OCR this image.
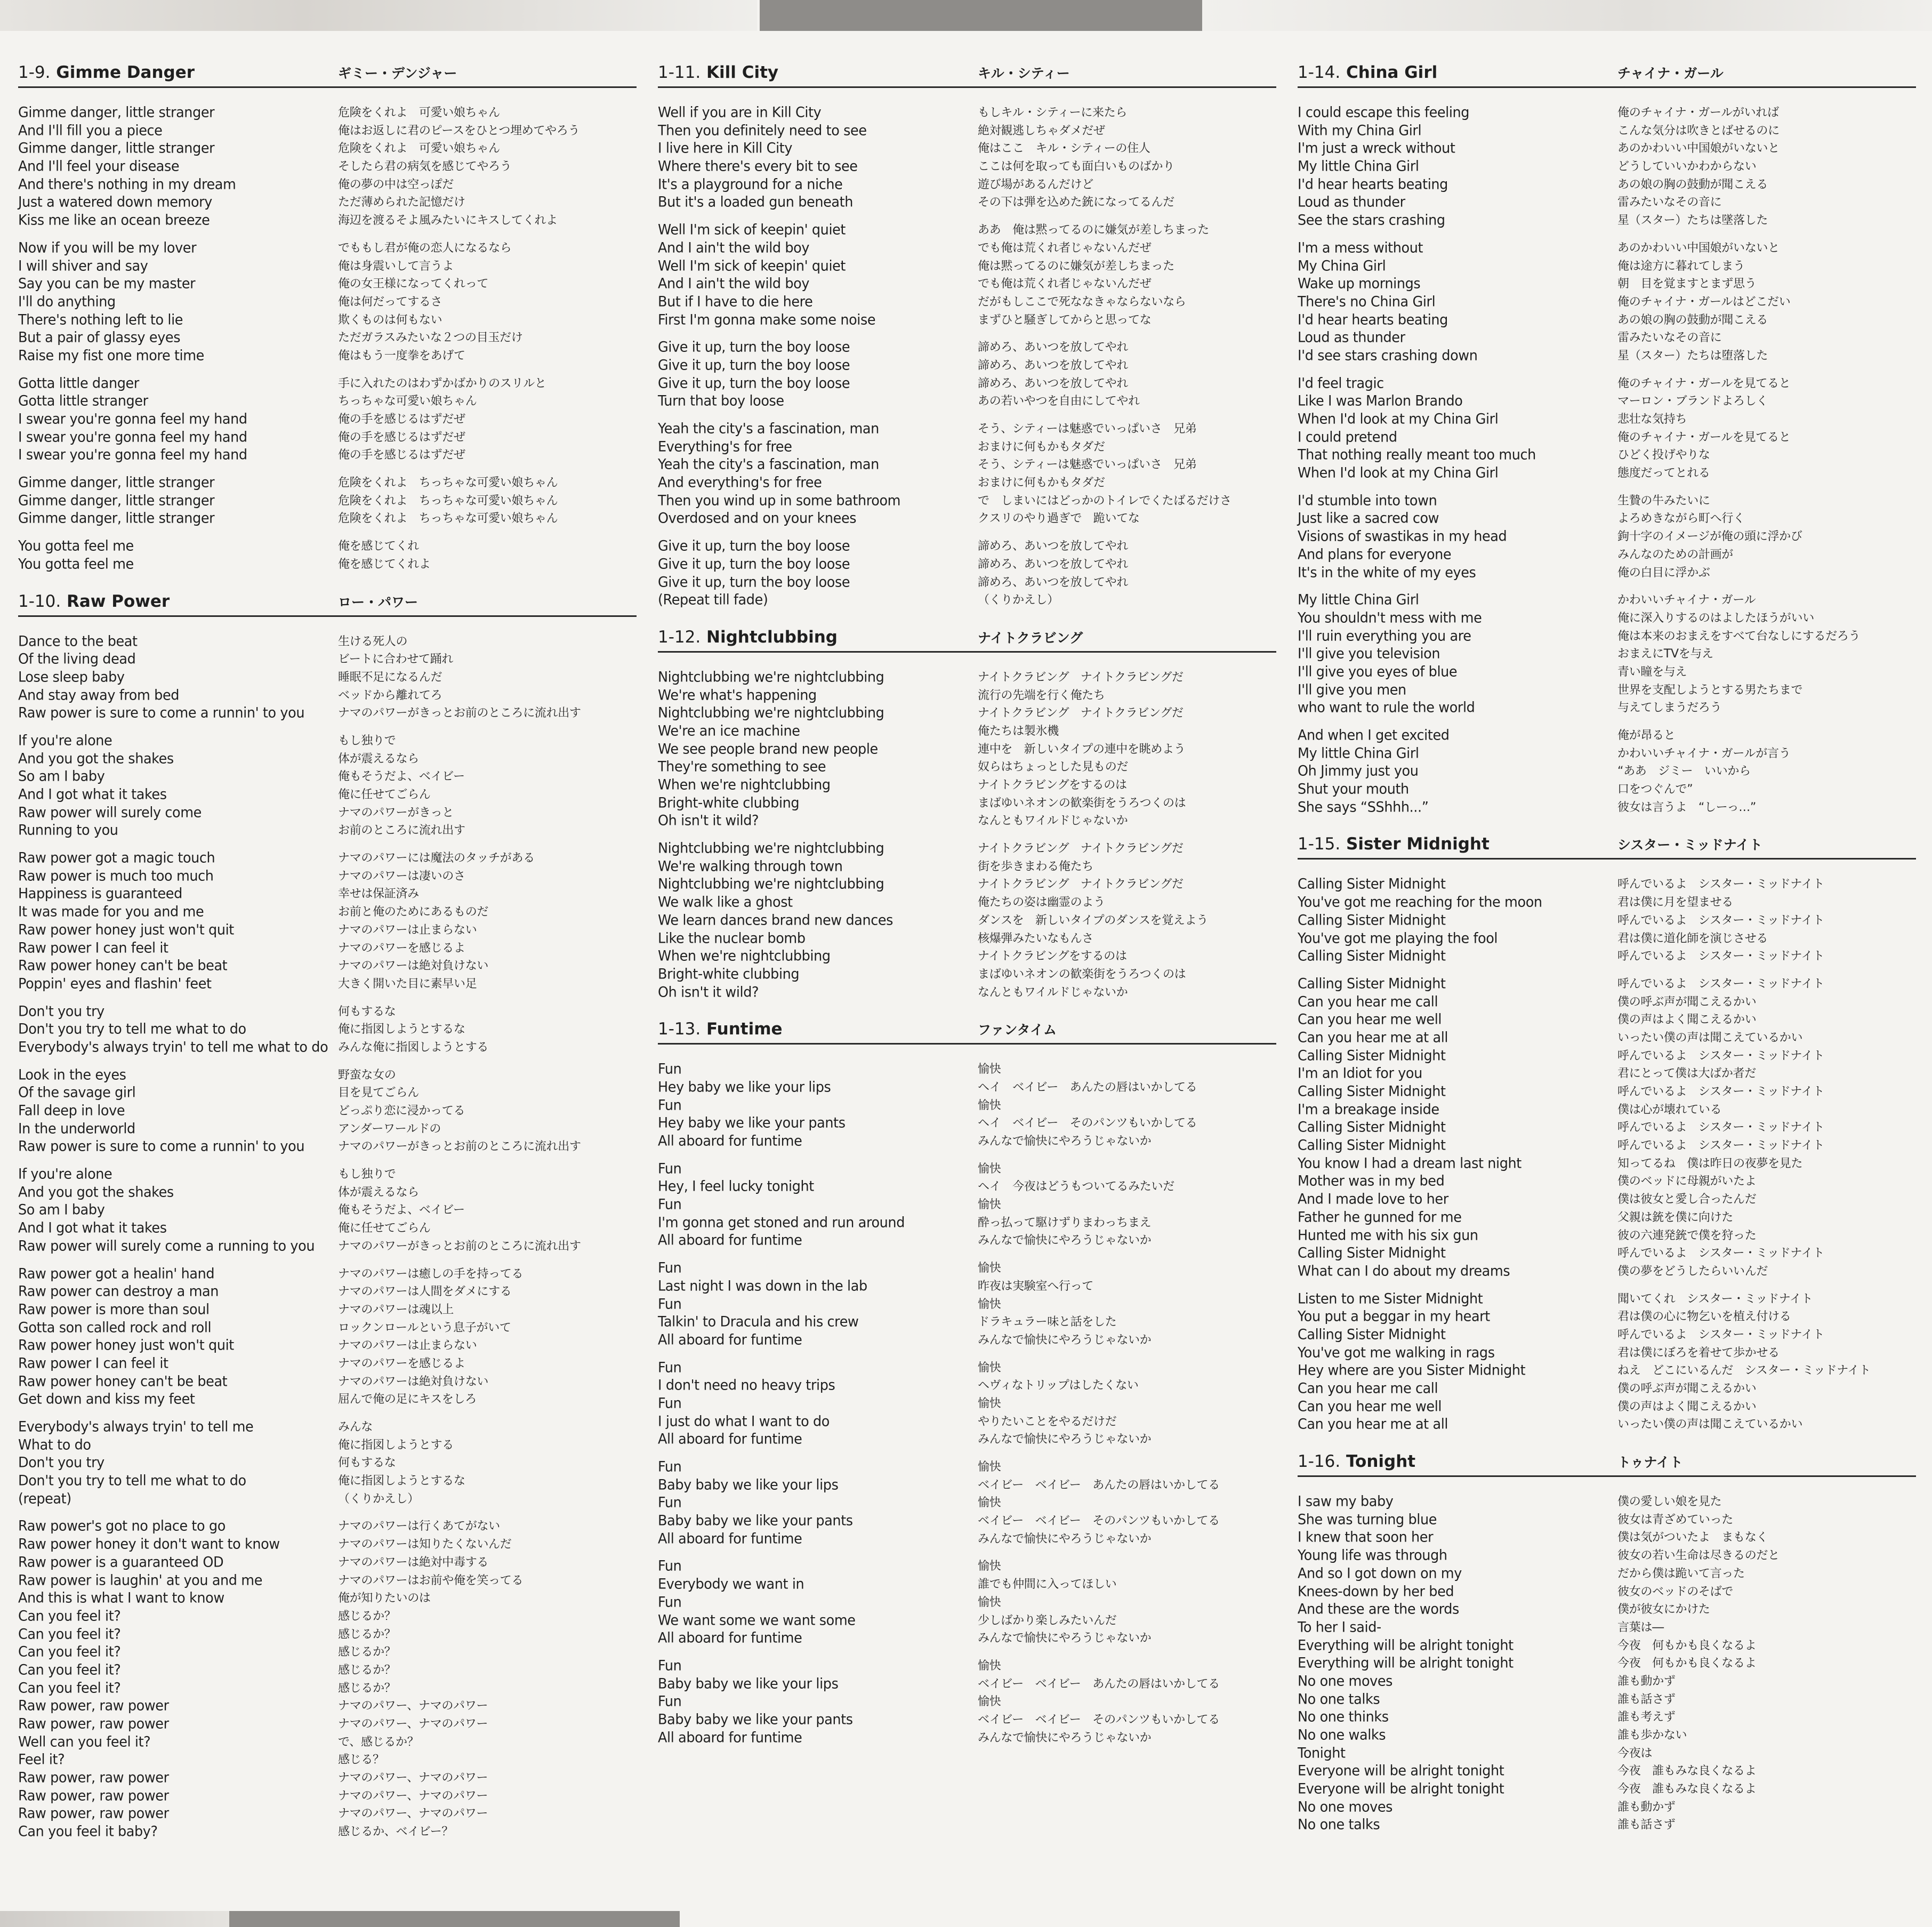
1-9. Gimme Danger	ギミー・デンジャー
Gimme danger, little stranger	危険をくれよ　可愛い娘ちゃん
And I'll fill you a piece	俺はお返しに君のピースをひとつ埋めてやろう
Gimme danger, little stranger	危険をくれよ　可愛い娘ちゃん
And I'll feel your disease	そしたら君の病気を感じてやろう
And there's nothing in my dream	俺の夢の中は空っぽだ
Just a watered down memory	ただ薄められた記憶だけ
Kiss me like an ocean breeze	海辺を渡るそよ風みたいにキスしてくれよ
Now if you will be my lover	でももし君が俺の恋人になるなら
I will shiver and say	俺は身震いして言うよ
Say you can be my master	俺の女王様になってくれって
I'll do anything	俺は何だってするさ
There's nothing left to lie	欺くものは何もない
But a pair of glassy eyes	ただガラスみたいな２つの目玉だけ
Raise my fist one more time	俺はもう一度拳をあげて
Gotta little danger	手に入れたのはわずかばかりのスリルと
Gotta little stranger	ちっちゃな可愛い娘ちゃん
I swear you're gonna feel my hand	俺の手を感じるはずだぜ
I swear you're gonna feel my hand	俺の手を感じるはずだぜ
I swear you're gonna feel my hand	俺の手を感じるはずだぜ
Gimme danger, little stranger	危険をくれよ　ちっちゃな可愛い娘ちゃん
Gimme danger, little stranger	危険をくれよ　ちっちゃな可愛い娘ちゃん
Gimme danger, little stranger	危険をくれよ　ちっちゃな可愛い娘ちゃん
You gotta feel me	俺を感じてくれ
You gotta feel me	俺を感じてくれよ
1-10. Raw Power	ロー・パワー
Dance to the beat	生ける死人の
Of the living dead	ビートに合わせて踊れ
Lose sleep baby	睡眠不足になるんだ
And stay away from bed	ベッドから離れてろ
Raw power is sure to come a runnin' to you	ナマのパワーがきっとお前のところに流れ出す
If you're alone	もし独りで
And you got the shakes	体が震えるなら
So am I baby	俺もそうだよ、ベイビー
And I got what it takes	俺に任せてごらん
Raw power will surely come	ナマのパワーがきっと
Running to you	お前のところに流れ出す
Raw power got a magic touch	ナマのパワーには魔法のタッチがある
Raw power is much too much	ナマのパワーは凄いのさ
Happiness is guaranteed	幸せは保証済み
It was made for you and me	お前と俺のためにあるものだ
Raw power honey just won't quit	ナマのパワーは止まらない
Raw power I can feel it	ナマのパワーを感じるよ
Raw power honey can't be beat	ナマのパワーは絶対負けない
Poppin' eyes and flashin' feet	大きく開いた目に素早い足
Don't you try	何もするな
Don't you try to tell me what to do	俺に指図しようとするな
Everybody's always tryin' to tell me what to do みんな俺に指図しようとする
Look in the eyes	野蛮な女の
Of the savage girl	目を見てごらん
Fall deep in love	どっぷり恋に浸かってる
In the underworld	アンダーワールドの
Raw power is sure to come a runnin' to you	ナマのパワーがきっとお前のところに流れ出す
If you're alone	もし独りで
And you got the shakes	体が震えるなら
So am I baby	俺もそうだよ、ベイビー
And I got what it takes	俺に任せてごらん
Raw power will surely come a running to you	ナマのパワーがきっとお前のところに流れ出す
Raw power got a healin' hand	ナマのパワーは癒しの手を持ってる
Raw power can destroy a man	ナマのパワーは人間をダメにする
Raw power is more than soul	ナマのパワーは魂以上
Gotta son called rock and roll	ロックンロールという息子がいて
Raw power honey just won't quit	ナマのパワーは止まらない
Raw power I can feel it	ナマのパワーを感じるよ
Raw power honey can't be beat	ナマのパワーは絶対負けない
Get down and kiss my feet	屈んで俺の足にキスをしろ
Everybody's always tryin' to tell me	みんな
What to do	俺に指図しようとする
Don't you try	何もするな
Don't you try to tell me what to do	俺に指図しようとするな
(repeat)	（くりかえし）
Raw power's got no place to go	ナマのパワーは行くあてがない
Raw power honey it don't want to know	ナマのパワーは知りたくないんだ
Raw power is a guaranteed OD	ナマのパワーは絶対中毒する
Raw power is laughin' at you and me	ナマのパワーはお前や俺を笑ってる
And this is what I want to know	俺が知りたいのは
Can you feel it?	感じるか？
Can you feel it?	感じるか？
Can you feel it?	感じるか？
Can you feel it?	感じるか？
Can you feel it?	感じるか？
Raw power, raw power	ナマのパワー、ナマのパワー
Raw power, raw power	ナマのパワー、ナマのパワー
Well can you feel it?	で、感じるか？
Feel it?	感じる？
Raw power, raw power	ナマのパワー、ナマのパワー
Raw power, raw power	ナマのパワー、ナマのパワー
Raw power, raw power	ナマのパワー、ナマのパワー
Can you feel it baby?	感じるか、ベイビー？
1-11. Kill City	キル・シティー
Well if you are in Kill City	もしキル・シティーに来たら
Then you definitely need to see	絶対観逃しちゃダメだぜ
I live here in Kill City	俺はここ　キル・シティーの住人
Where there's every bit to see	ここは何を取っても面白いものばかり
It's a playground for a niche	遊び場があるんだけど
But it's a loaded gun beneath	その下は弾を込めた銃になってるんだ
Well I'm sick of keepin' quiet	ああ　俺は黙ってるのに嫌気が差しちまった
And I ain't the wild boy	でも俺は荒くれ者じゃないんだぜ
Well I'm sick of keepin' quiet	俺は黙ってるのに嫌気が差しちまった
And I ain't the wild boy	でも俺は荒くれ者じゃないんだぜ
But if I have to die here	だがもしここで死ななきゃならないなら
First I'm gonna make some noise	まずひと騒ぎしてからと思ってな
Give it up, turn the boy loose	諦めろ、あいつを放してやれ
Give it up, turn the boy loose	諦めろ、あいつを放してやれ
Give it up, turn the boy loose	諦めろ、あいつを放してやれ
Turn that boy loose	あの若いやつを自由にしてやれ
Yeah the city's a fascination, man	そう、シティーは魅惑でいっぱいさ　兄弟
Everything's for free	おまけに何もかもタダだ
Yeah the city's a fascination, man	そう、シティーは魅惑でいっぱいさ　兄弟
And everything's for free	おまけに何もかもタダだ
Then you wind up in some bathroom	で　しまいにはどっかのトイレでくたばるだけさ
Overdosed and on your knees	クスリのやり過ぎで　跪いてな
Give it up, turn the boy loose	諦めろ、あいつを放してやれ
Give it up, turn the boy loose	諦めろ、あいつを放してやれ
Give it up, turn the boy loose	諦めろ、あいつを放してやれ
(Repeat till fade)	（くりかえし）
1-12. Nightclubbing	ナイトクラビング
Nightclubbing we're nightclubbing	ナイトクラビング　ナイトクラビングだ
We're what's happening	流行の先端を行く俺たち
Nightclubbing we're nightclubbing	ナイトクラビング　ナイトクラビングだ
We're an ice machine	俺たちは製氷機
We see people brand new people	連中を　新しいタイプの連中を眺めよう
They're something to see	奴らはちょっとした見ものだ
When we're nightclubbing	ナイトクラビングをするのは
Bright-white clubbing	まばゆいネオンの歓楽街をうろつくのは
Oh isn't it wild?	なんともワイルドじゃないか
Nightclubbing we're nightclubbing	ナイトクラビング　ナイトクラビングだ
We're walking through town	街を歩きまわる俺たち
Nightclubbing we're nightclubbing	ナイトクラビング　ナイトクラビングだ
We walk like a ghost	俺たちの姿は幽霊のよう
We learn dances brand new dances	ダンスを　新しいタイプのダンスを覚えよう
Like the nuclear bomb	核爆弾みたいなもんさ
When we're nightclubbing	ナイトクラビングをするのは
Bright-white clubbing	まばゆいネオンの歓楽街をうろつくのは
Oh isn't it wild?	なんともワイルドじゃないか
1-13. Funtime	ファンタイム
Fun	愉快
Hey baby we like your lips	ヘイ　ベイビー　あんたの唇はいかしてる
Fun	愉快
Hey baby we like your pants	ヘイ　ベイビー　そのパンツもいかしてる
All aboard for funtime	みんなで愉快にやろうじゃないか
Fun	愉快
Hey, I feel lucky tonight	ヘイ　今夜はどうもついてるみたいだ
Fun	愉快
I'm gonna get stoned and run around	酔っ払って駆けずりまわっちまえ
All aboard for funtime	みんなで愉快にやろうじゃないか
Fun	愉快
Last night I was down in the lab	昨夜は実験室へ行って
Fun	愉快
Talkin' to Dracula and his crew	ドラキュラー味と話をした
All aboard for funtime	みんなで愉快にやろうじゃないか
Fun	愉快
I don't need no heavy trips	ヘヴィなトリップはしたくない
Fun	愉快
I just do what I want to do	やりたいことをやるだけだ
All aboard for funtime	みんなで愉快にやろうじゃないか
Fun	愉快
Baby baby we like your lips	ベイビー　ベイビー　あんたの唇はいかしてる
Fun	愉快
Baby baby we like your pants	ベイビー　ベイビー　そのパンツもいかしてる
All aboard for funtime	みんなで愉快にやろうじゃないか
Fun	愉快
Everybody we want in	誰でも仲間に入ってほしい
Fun	愉快
We want some we want some	少しばかり楽しみたいんだ
All aboard for funtime	みんなで愉快にやろうじゃないか
Fun	愉快
Baby baby we like your lips	ベイビー　ベイビー　あんたの唇はいかしてる
Fun	愉快
Baby baby we like your pants	ベイビー　ベイビー　そのパンツもいかしてる
All aboard for funtime	みんなで愉快にやろうじゃないか
1-14. China Girl	チャイナ・ガール
I could escape this feeling	俺のチャイナ・ガールがいれば
With my China Girl	こんな気分は吹きとばせるのに
I'm just a wreck without	あのかわいい中国娘がいないと
My little China Girl	どうしていいかわからない
I'd hear hearts beating	あの娘の胸の鼓動が聞こえる
Loud as thunder	雷みたいなその音に
See the stars crashing	星（スター）たちは墜落した
I'm a mess without	あのかわいい中国娘がいないと
My China Girl	俺は途方に暮れてしまう
Wake up mornings	朝　目を覚ますとまず思う
There's no China Girl	俺のチャイナ・ガールはどこだい
I'd hear hearts beating	あの娘の胸の鼓動が聞こえる
Loud as thunder	雷みたいなその音に
I'd see stars crashing down	星（スター）たちは堕落した
I'd feel tragic	俺のチャイナ・ガールを見てると
Like I was Marlon Brando	マーロン・ブランドよろしく
When I'd look at my China Girl	悲壮な気持ち
I could pretend	俺のチャイナ・ガールを見てると
That nothing really meant too much	ひどく投げやりな
When I'd look at my China Girl	態度だってとれる
I'd stumble into town	生贄の牛みたいに
Just like a sacred cow	よろめきながら町へ行く
Visions of swastikas in my head	鉤十字のイメージが俺の頭に浮かび
And plans for everyone	みんなのための計画が
It's in the white of my eyes	俺の白目に浮かぶ
My little China Girl	かわいいチャイナ・ガール
You shouldn't mess with me	俺に深入りするのはよしたほうがいい
I'll ruin everything you are	俺は本来のおまえをすべて台なしにするだろう
I'll give you television	おまえにTVを与え
I'll give you eyes of blue	青い瞳を与え
I'll give you men	世界を支配しようとする男たちまで
who want to rule the world	与えてしまうだろう
And when I get excited	俺が昂ると
My little China Girl	かわいいチャイナ・ガールが言う
Oh Jimmy just you	“ああ　ジミー　いいから
Shut your mouth	口をつぐんで”
She says “SShhh...”	彼女は言うよ　“しーっ…”
1-15. Sister Midnight	シスター・ミッドナイト
Calling Sister Midnight	呼んでいるよ　シスター・ミッドナイト
You've got me reaching for the moon	君は僕に月を望ませる
Calling Sister Midnight	呼んでいるよ　シスター・ミッドナイト
You've got me playing the fool	君は僕に道化師を演じさせる
Calling Sister Midnight	呼んでいるよ　シスター・ミッドナイト
Calling Sister Midnight	呼んでいるよ　シスター・ミッドナイト
Can you hear me call	僕の呼ぶ声が聞こえるかい
Can you hear me well	僕の声はよく聞こえるかい
Can you hear me at all	いったい僕の声は聞こえているかい
Calling Sister Midnight	呼んでいるよ　シスター・ミッドナイト
I'm an Idiot for you	君にとって僕は大ばか者だ
Calling Sister Midnight	呼んでいるよ　シスター・ミッドナイト
I'm a breakage inside	僕は心が壊れている
Calling Sister Midnight	呼んでいるよ　シスター・ミッドナイト
Calling Sister Midnight	呼んでいるよ　シスター・ミッドナイト
You know I had a dream last night	知ってるね　僕は昨日の夜夢を見た
Mother was in my bed	僕のベッドに母親がいたよ
And I made love to her	僕は彼女と愛し合ったんだ
Father he gunned for me	父親は銃を僕に向けた
Hunted me with his six gun	彼の六連発銃で僕を狩った
Calling Sister Midnight	呼んでいるよ　シスター・ミッドナイト
What can I do about my dreams	僕の夢をどうしたらいいんだ
Listen to me Sister Midnight	聞いてくれ　シスター・ミッドナイト
You put a beggar in my heart	君は僕の心に物乞いを植え付ける
Calling Sister Midnight	呼んでいるよ　シスター・ミッドナイト
You've got me walking in rags	君は僕にぼろを着せて歩かせる
Hey where are you Sister Midnight	ねえ　どこにいるんだ　シスター・ミッドナイト
Can you hear me call	僕の呼ぶ声が聞こえるかい
Can you hear me well	僕の声はよく聞こえるかい
Can you hear me at all	いったい僕の声は聞こえているかい
1-16. Tonight	トゥナイト
I saw my baby	僕の愛しい娘を見た
She was turning blue	彼女は青ざめていった
I knew that soon her	僕は気がついたよ　まもなく
Young life was through	彼女の若い生命は尽きるのだと
And so I got down on my	だから僕は跪いて言った
Knees-down by her bed	彼女のベッドのそばで
And these are the words	僕が彼女にかけた
To her I said-	言葉は―
Everything will be alright tonight	今夜　何もかも良くなるよ
Everything will be alright tonight	今夜　何もかも良くなるよ
No one moves	誰も動かず
No one talks	誰も話さず
No one thinks	誰も考えず
No one walks	誰も歩かない
Tonight	今夜は
Everyone will be alright tonight	今夜　誰もみな良くなるよ
Everyone will be alright tonight	今夜　誰もみな良くなるよ
No one moves	誰も動かず
No one talks	誰も話さず
